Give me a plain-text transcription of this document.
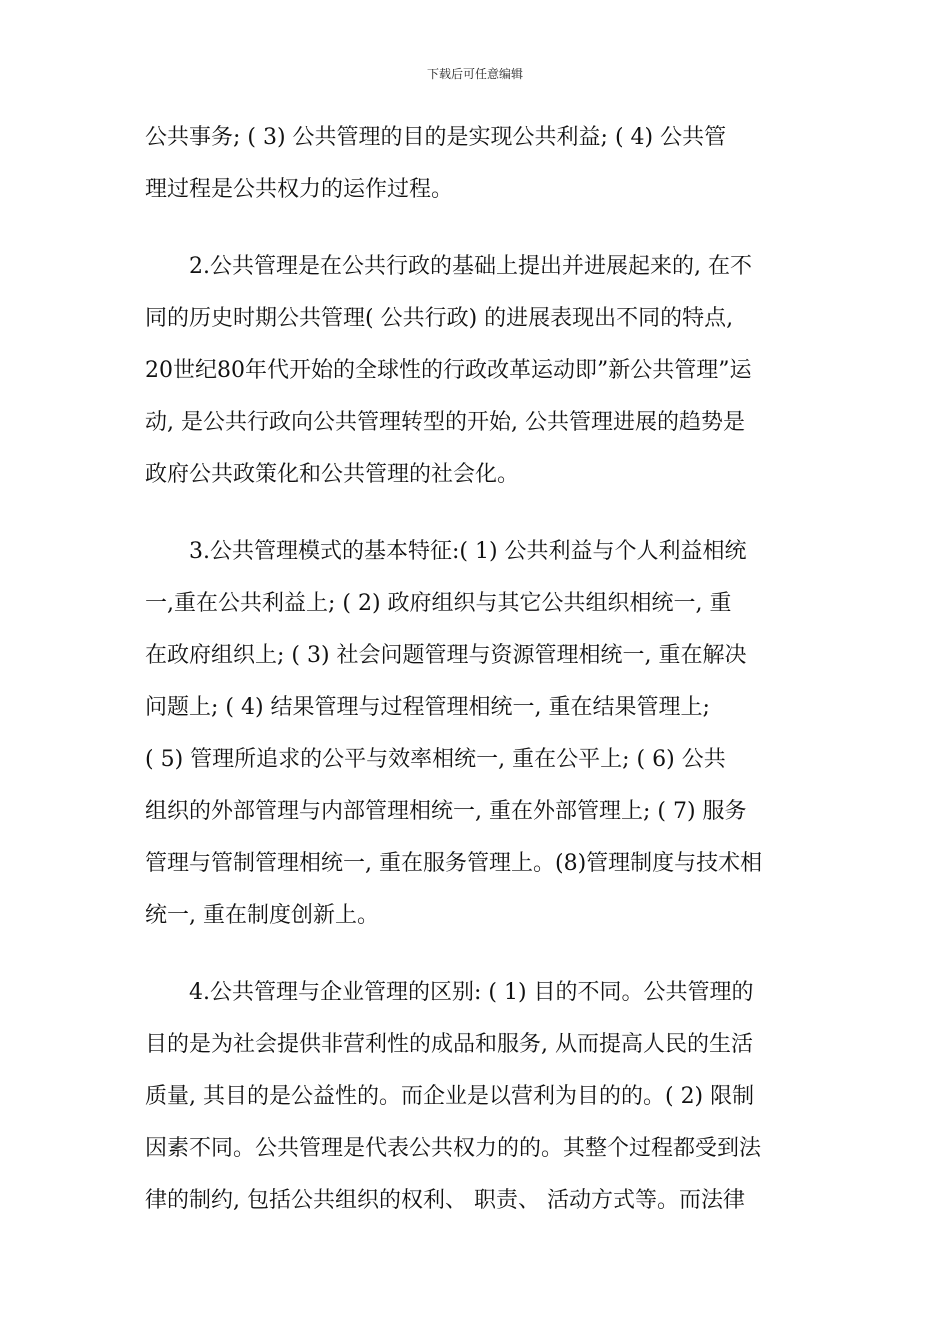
下载后可任意编辑
公共事务; ( 3) 公共管理的目的是实现公共利益; ( 4) 公共管
理过程是公共权力的运作过程。
2.公共管理是在公共行政的基础上提出并进展起来的, 在不
同的历史时期公共管理( 公共行政) 的进展表现出不同的特点,
20世纪80年代开始的全球性的行政改革运动即”新公共管理”运
动, 是公共行政向公共管理转型的开始, 公共管理进展的趋势是
政府公共政策化和公共管理的社会化。
3.公共管理模式的基本特征:( 1) 公共利益与个人利益相统
一,重在公共利益上; ( 2) 政府组织与其它公共组织相统一, 重
在政府组织上; ( 3) 社会问题管理与资源管理相统一, 重在解决
问题上; ( 4) 结果管理与过程管理相统一, 重在结果管理上;
( 5) 管理所追求的公平与效率相统一, 重在公平上; ( 6) 公共
组织的外部管理与内部管理相统一, 重在外部管理上; ( 7) 服务
管理与管制管理相统一, 重在服务管理上。(8)管理制度与技术相
统一, 重在制度创新上。
4.公共管理与企业管理的区别: ( 1) 目的不同。公共管理的
目的是为社会提供非营利性的成品和服务, 从而提高人民的生活
质量, 其目的是公益性的。而企业是以营利为目的的。( 2) 限制
因素不同。公共管理是代表公共权力的的。其整个过程都受到法
律的制约, 包括公共组织的权利、 职责、 活动方式等。而法律
